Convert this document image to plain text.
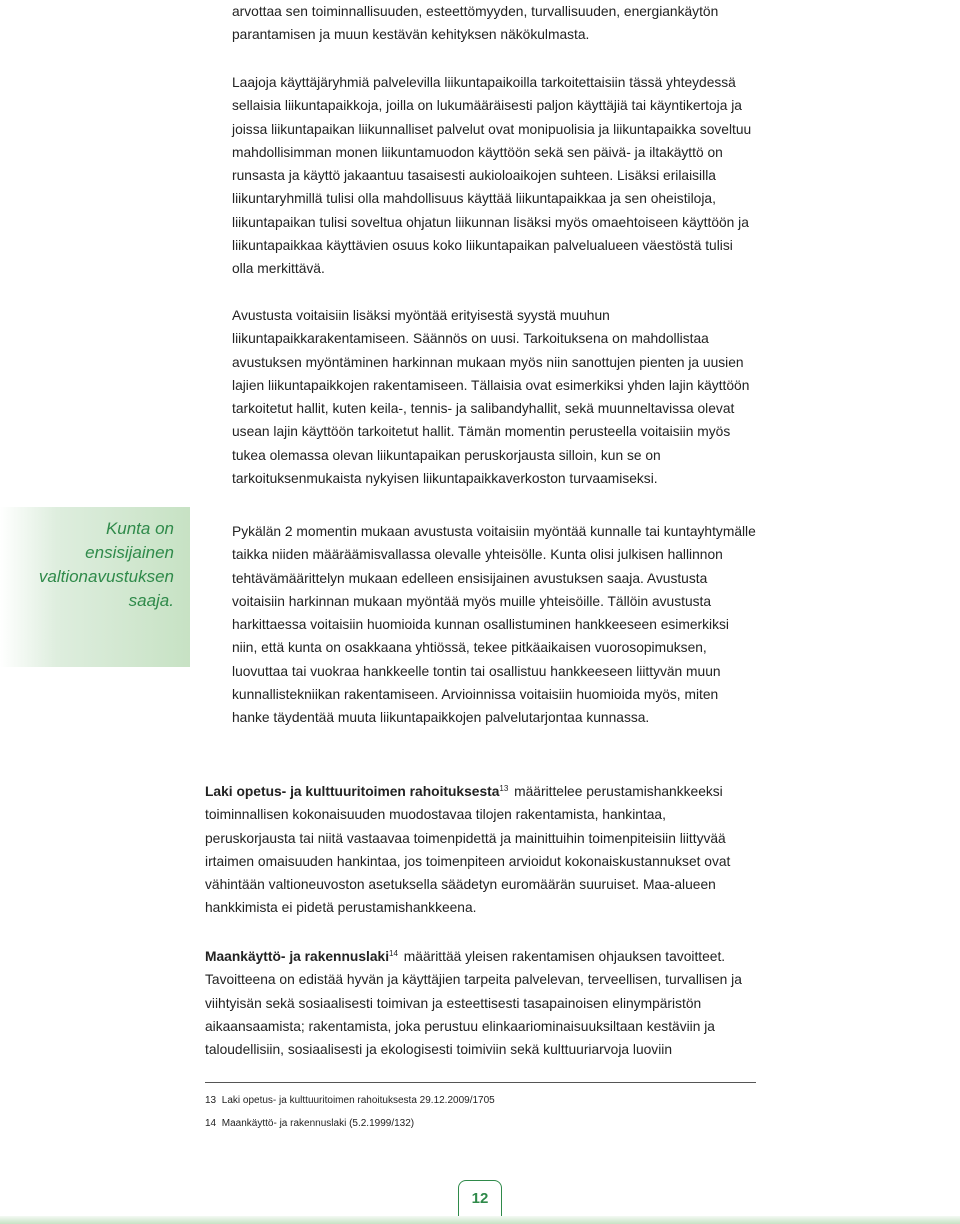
arvottaa sen toiminnallisuuden, esteettömyyden, turvallisuuden, energiankäytön parantamisen ja muun kestävän kehityksen näkökulmasta.

Laajoja käyttäjäryhmiä palvelevilla liikuntapaikoilla tarkoitettaisiin tässä yhteydessä sellaisia liikuntapaikkoja, joilla on lukumääräisesti paljon käyttäjiä tai käyntikertoja ja joissa liikuntapaikan liikunnalliset palvelut ovat monipuolisia ja liikuntapaikka soveltuu mahdollisimman monen liikuntamuodon käyttöön sekä sen päivä- ja iltakäyttö on runsasta ja käyttö jakaantuu tasaisesti aukioloaikojen suhteen. Lisäksi erilaisilla liikuntaryhmillä tulisi olla mahdollisuus käyttää liikuntapaikkaa ja sen oheistiloja, liikuntapaikan tulisi soveltua ohjatun liikunnan lisäksi myös omaehtoiseen käyttöön ja liikuntapaikkaa käyttävien osuus koko liikuntapaikan palvelualueen väestöstä tulisi olla merkittävä.

Avustusta voitaisiin lisäksi myöntää erityisestä syystä muuhun liikuntapaikkarakentamiseen. Säännös on uusi. Tarkoituksena on mahdollistaa avustuksen myöntäminen harkinnan mukaan myös niin sanottujen pienten ja uusien lajien liikuntapaikkojen rakentamiseen. Tällaisia ovat esimerkiksi yhden lajin käyttöön tarkoitetut hallit, kuten keila-, tennis- ja salibandyhallit, sekä muunneltavissa olevat usean lajin käyttöön tarkoitetut hallit. Tämän momentin perusteella voitaisiin myös tukea olemassa olevan liikuntapaikan peruskorjausta silloin, kun se on tarkoituksenmukaista nykyisen liikuntapaikkaverkoston turvaamiseksi.

Kunta on ensisijainen valtionavustuksen saaja.

Pykälän 2 momentin mukaan avustusta voitaisiin myöntää kunnalle tai kuntayhtymälle taikka niiden määräämisvallassa olevalle yhteisölle. Kunta olisi julkisen hallinnon tehtävämäärittelyn mukaan edelleen ensisijainen avustuksen saaja. Avustusta voitaisiin harkinnan mukaan myöntää myös muille yhteisöille. Tällöin avustusta harkittaessa voitaisiin huomioida kunnan osallistuminen hankkeeseen esimerkiksi niin, että kunta on osakkaana yhtiössä, tekee pitkäaikaisen vuorosopimuksen, luovuttaa tai vuokraa hankkeelle tontin tai osallistuu hankkeeseen liittyvän muun kunnallistekniikan rakentamiseen. Arvioinnissa voitaisiin huomioida myös, miten hanke täydentää muuta liikuntapaikkojen palvelutarjontaa kunnassa.

Laki opetus- ja kulttuuritoimen rahoituksesta$^{13}$ määrittelee perustamishankkeeksi toiminnallisen kokonaisuuden muodostavaa tilojen rakentamista, hankintaa, peruskorjausta tai niitä vastaavaa toimenpidettä ja mainittuihin toimenpiteisiin liittyvää irtaimen omaisuuden hankintaa, jos toimenpiteen arvioidut kokonaiskustannukset ovat vähintään valtioneuvoston asetuksella säädetyn euromäärän suuruiset. Maa-alueen hankkimista ei pidetä perustamishankkeena.

Maankäyttö- ja rakennuslaki$^{14}$ määrittää yleisen rakentamisen ohjauksen tavoitteet. Tavoitteena on edistää hyvän ja käyttäjien tarpeita palvelevan, terveellisen, turvallisen ja viihtyisän sekä sosiaalisesti toimivan ja esteettisesti tasapainoisen elinympäristön aikaansaamista; rakentamista, joka perustuu elinkaariominaisuuksiltaan kestäviin ja taloudellisiin, sosiaalisesti ja ekologisesti toimiviin sekä kulttuuriarvoja luoviin

13 Laki opetus- ja kulttuuritoimen rahoituksesta 29.12.2009/1705
14 Maankäyttö- ja rakennuslaki (5.2.1999/132)
12
